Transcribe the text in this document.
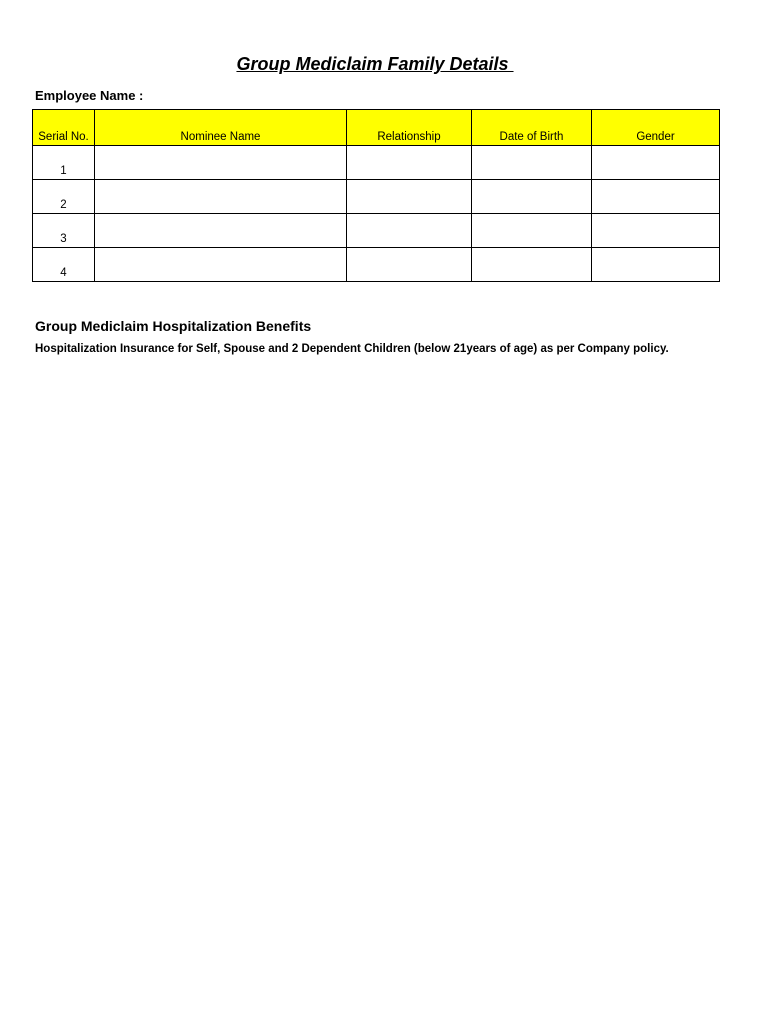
Group Mediclaim Family Details
Employee Name :
Serial No.	Nominee Name	Relationship	Date of Birth	Gender
1				
2				
3				
4				
Group Mediclaim Hospitalization Benefits
Hospitalization Insurance for Self, Spouse and 2 Dependent Children (below 21years of age) as per Company policy.
